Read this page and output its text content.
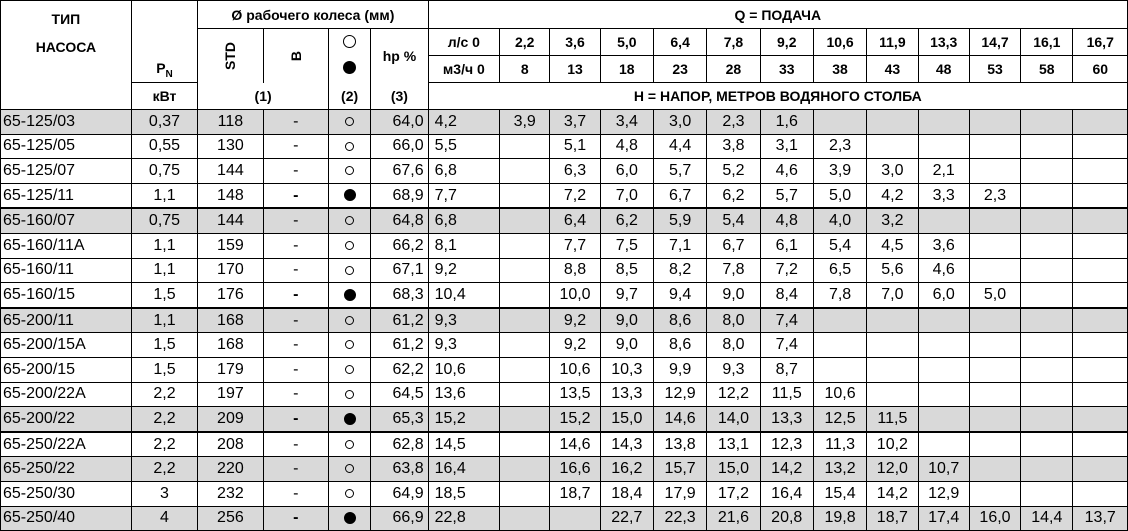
ТИП
НАСОСА		Ø рабочего колеса (мм)				Q = ПОДАЧА												
	$P_N$	STD	B		hp %	л/с 0	2,2	3,6	5,0	6,4	7,8	9,2	10,6	11,9	13,3	14,7	16,1	16,7
						м3/ч 0	8	13	18	23	28	33	38	43	48	53	58	60
	кВт	(1)		(2)	(3)	H = НАПОР, МЕТРОВ ВОДЯНОГО СТОЛБА												
65-125/03	0,37	118	-		64,0	4,2	3,9	3,7	3,4	3,0	2,3	1,6						
65-125/05	0,55	130	-		66,0	5,5		5,1	4,8	4,4	3,8	3,1	2,3					
65-125/07	0,75	144	-		67,6	6,8		6,3	6,0	5,7	5,2	4,6	3,9	3,0	2,1			
65-125/11	1,1	148	-		68,9	7,7		7,2	7,0	6,7	6,2	5,7	5,0	4,2	3,3	2,3		
65-160/07	0,75	144	-		64,8	6,8		6,4	6,2	5,9	5,4	4,8	4,0	3,2				
65-160/11A	1,1	159	-		66,2	8,1		7,7	7,5	7,1	6,7	6,1	5,4	4,5	3,6			
65-160/11	1,1	170	-		67,1	9,2		8,8	8,5	8,2	7,8	7,2	6,5	5,6	4,6			
65-160/15	1,5	176	-		68,3	10,4		10,0	9,7	9,4	9,0	8,4	7,8	7,0	6,0	5,0		
65-200/11	1,1	168	-		61,2	9,3		9,2	9,0	8,6	8,0	7,4						
65-200/15A	1,5	168	-		61,2	9,3		9,2	9,0	8,6	8,0	7,4						
65-200/15	1,5	179	-		62,2	10,6		10,6	10,3	9,9	9,3	8,7						
65-200/22A	2,2	197	-		64,5	13,6		13,5	13,3	12,9	12,2	11,5	10,6					
65-200/22	2,2	209	-		65,3	15,2		15,2	15,0	14,6	14,0	13,3	12,5	11,5				
65-250/22A	2,2	208	-		62,8	14,5		14,6	14,3	13,8	13,1	12,3	11,3	10,2				
65-250/22	2,2	220	-		63,8	16,4		16,6	16,2	15,7	15,0	14,2	13,2	12,0	10,7			
65-250/30	3	232	-		64,9	18,5		18,7	18,4	17,9	17,2	16,4	15,4	14,2	12,9			
65-250/40	4	256	-		66,9	22,8			22,7	22,3	21,6	20,8	19,8	18,7	17,4	16,0	14,4	13,7
